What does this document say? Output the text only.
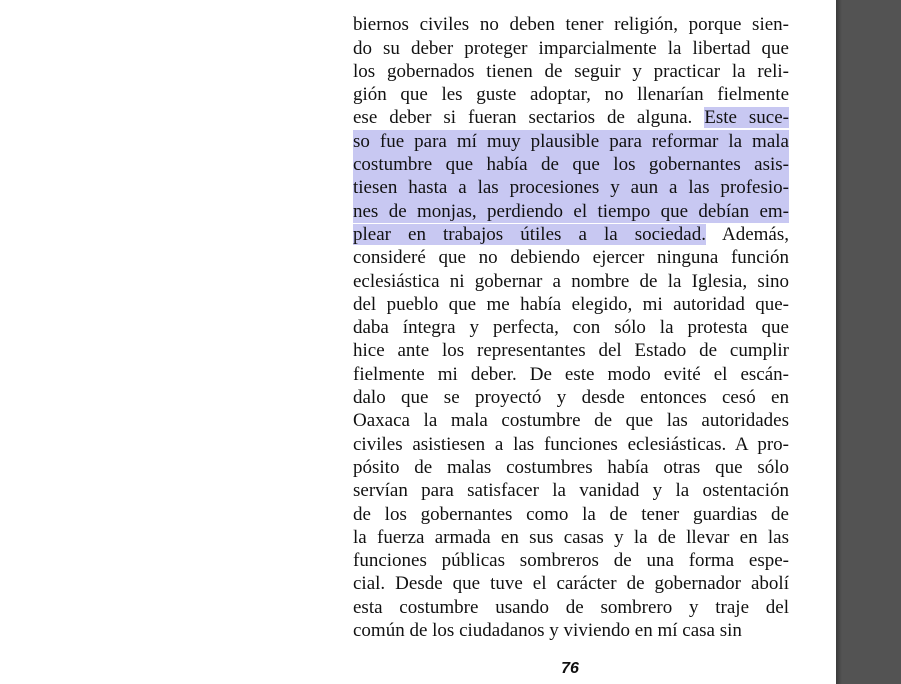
biernos civiles no deben tener religión, porque sien-
do su deber proteger imparcialmente la libertad que
los gobernados tienen de seguir y practicar la reli-
gión que les guste adoptar, no llenarían fielmente
ese deber si fueran sectarios de alguna. Este suce-
so fue para mí muy plausible para reformar la mala
costumbre que había de que los gobernantes asis-
tiesen hasta a las procesiones y aun a las profesio-
nes de monjas, perdiendo el tiempo que debían em-
plear en trabajos útiles a la sociedad. Además,
consideré que no debiendo ejercer ninguna función
eclesiástica ni gobernar a nombre de la Iglesia, sino
del pueblo que me había elegido, mi autoridad que-
daba íntegra y perfecta, con sólo la protesta que
hice ante los representantes del Estado de cumplir
fielmente mi deber. De este modo evité el escán-
dalo que se proyectó y desde entonces cesó en
Oaxaca la mala costumbre de que las autoridades
civiles asistiesen a las funciones eclesiásticas. A pro-
pósito de malas costumbres había otras que sólo
servían para satisfacer la vanidad y la ostentación
de los gobernantes como la de tener guardias de
la fuerza armada en sus casas y la de llevar en las
funciones públicas sombreros de una forma espe-
cial. Desde que tuve el carácter de gobernador abolí
esta costumbre usando de sombrero y traje del
común de los ciudadanos y viviendo en mí casa sin
76
